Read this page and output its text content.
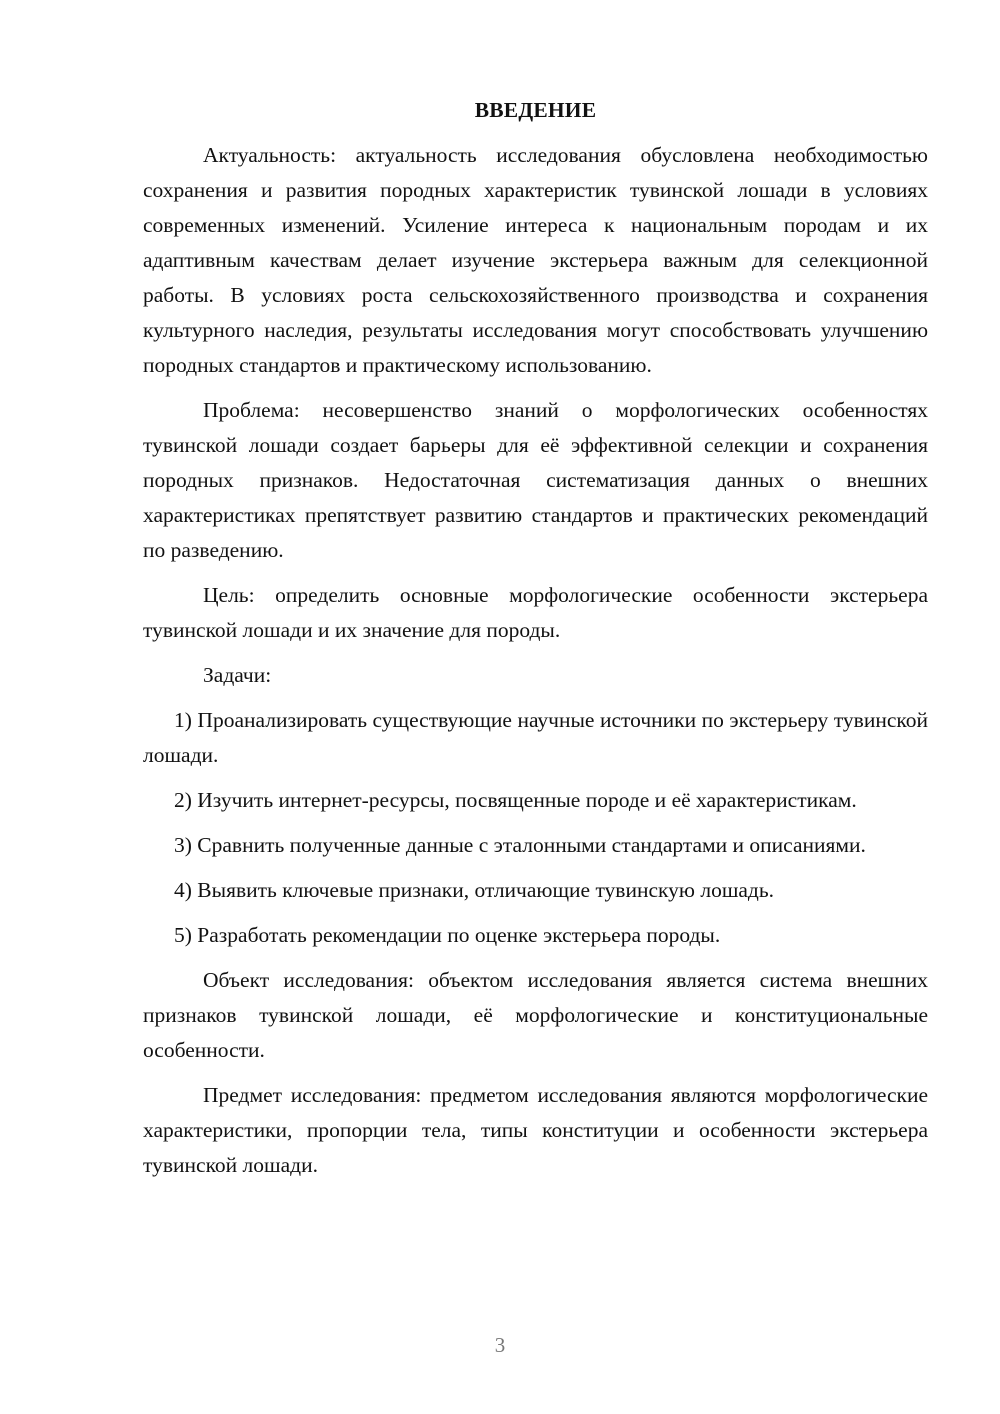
ВВЕДЕНИЕ

Актуальность: актуальность исследования обусловлена необходимостью сохранения и развития породных характеристик тувинской лошади в условиях современных изменений. Усиление интереса к национальным породам и их адаптивным качествам делает изучение экстерьера важным для селекционной работы. В условиях роста сельскохозяйственного производства и сохранения культурного наследия, результаты исследования могут способствовать улучшению породных стандартов и практическому использованию.

Проблема: несовершенство знаний о морфологических особенностях тувинской лошади создает барьеры для её эффективной селекции и сохранения породных признаков. Недостаточная систематизация данных о внешних характеристиках препятствует развитию стандартов и практических рекомендаций по разведению.

Цель: определить основные морфологические особенности экстерьера тувинской лошади и их значение для породы.

Задачи:

1) Проанализировать существующие научные источники по экстерьеру тувинской лошади.

2) Изучить интернет-ресурсы, посвященные породе и её характеристикам.

3) Сравнить полученные данные с эталонными стандартами и описаниями.

4) Выявить ключевые признаки, отличающие тувинскую лошадь.

5) Разработать рекомендации по оценке экстерьера породы.

Объект исследования: объектом исследования является система внешних признаков тувинской лошади, её морфологические и конституциональные особенности.

Предмет исследования: предметом исследования являются морфологические характеристики, пропорции тела, типы конституции и особенности экстерьера тувинской лошади.

3
